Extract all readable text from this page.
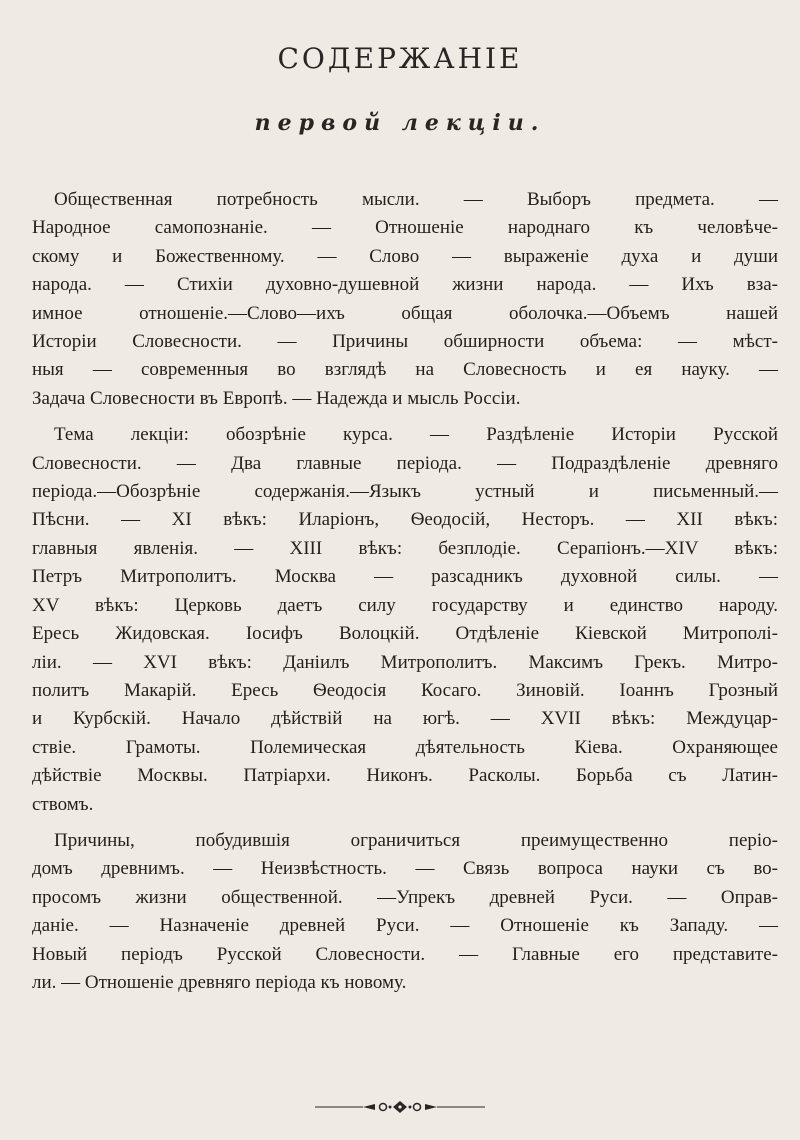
СОДЕРЖАНІЕ
первой лекціи.
Общественная потребность мысли. — Выборъ предмета. —
Народное самопознаніе. — Отношеніе народнаго къ человѣче-
скому и Божественному. — Слово — выраженіе духа и души
народа. — Стихіи духовно-душевной жизни народа. — Ихъ вза-
имное отношеніе.—Слово—ихъ общая оболочка.—Объемъ нашей
Исторіи Словесности. — Причины обширности объема: — мѣст-
ныя — современныя во взглядѣ на Словесность и ея науку. —
Задача Словесности въ Европѣ. — Надежда и мысль Россіи.
Тема лекціи: обозрѣніе курса. — Раздѣленіе Исторіи Русской
Словесности. — Два главные періода. — Подраздѣленіе древняго
періода.—Обозрѣніе содержанія.—Языкъ устный и письменный.—
Пѣсни. — XI вѣкъ: Иларіонъ, Ѳеодосій, Несторъ. — XII вѣкъ:
главныя явленія. — XIII вѣкъ: безплодіе. Серапіонъ.—XIV вѣкъ:
Петръ Митрополитъ. Москва — разсадникъ духовной силы. —
XV вѣкъ: Церковь даетъ силу государству и единство народу.
Ересь Жидовская. Іосифъ Волоцкій. Отдѣленіе Кіевской Митрополі-
ліи. — XVI вѣкъ: Даніилъ Митрополитъ. Максимъ Грекъ. Митро-
политъ Макарій. Ересь Ѳеодосія Косаго. Зиновій. Іоаннъ Грозный
и Курбскій. Начало дѣйствій на югѣ. — XVII вѣкъ: Междуцар-
ствіе. Грамоты. Полемическая дѣятельность Кіева. Охраняющее
дѣйствіе Москвы. Патріархи. Никонъ. Расколы. Борьба съ Латин-
ствомъ.
Причины, побудившія ограничиться преимущественно періо-
домъ древнимъ. — Неизвѣстность. — Связь вопроса науки съ во-
просомъ жизни общественной. —Упрекъ древней Руси. — Оправ-
даніе. — Назначеніе древней Руси. — Отношеніе къ Западу. —
Новый періодъ Русской Словесности. — Главные его представите-
ли. — Отношеніе древняго періода къ новому.
